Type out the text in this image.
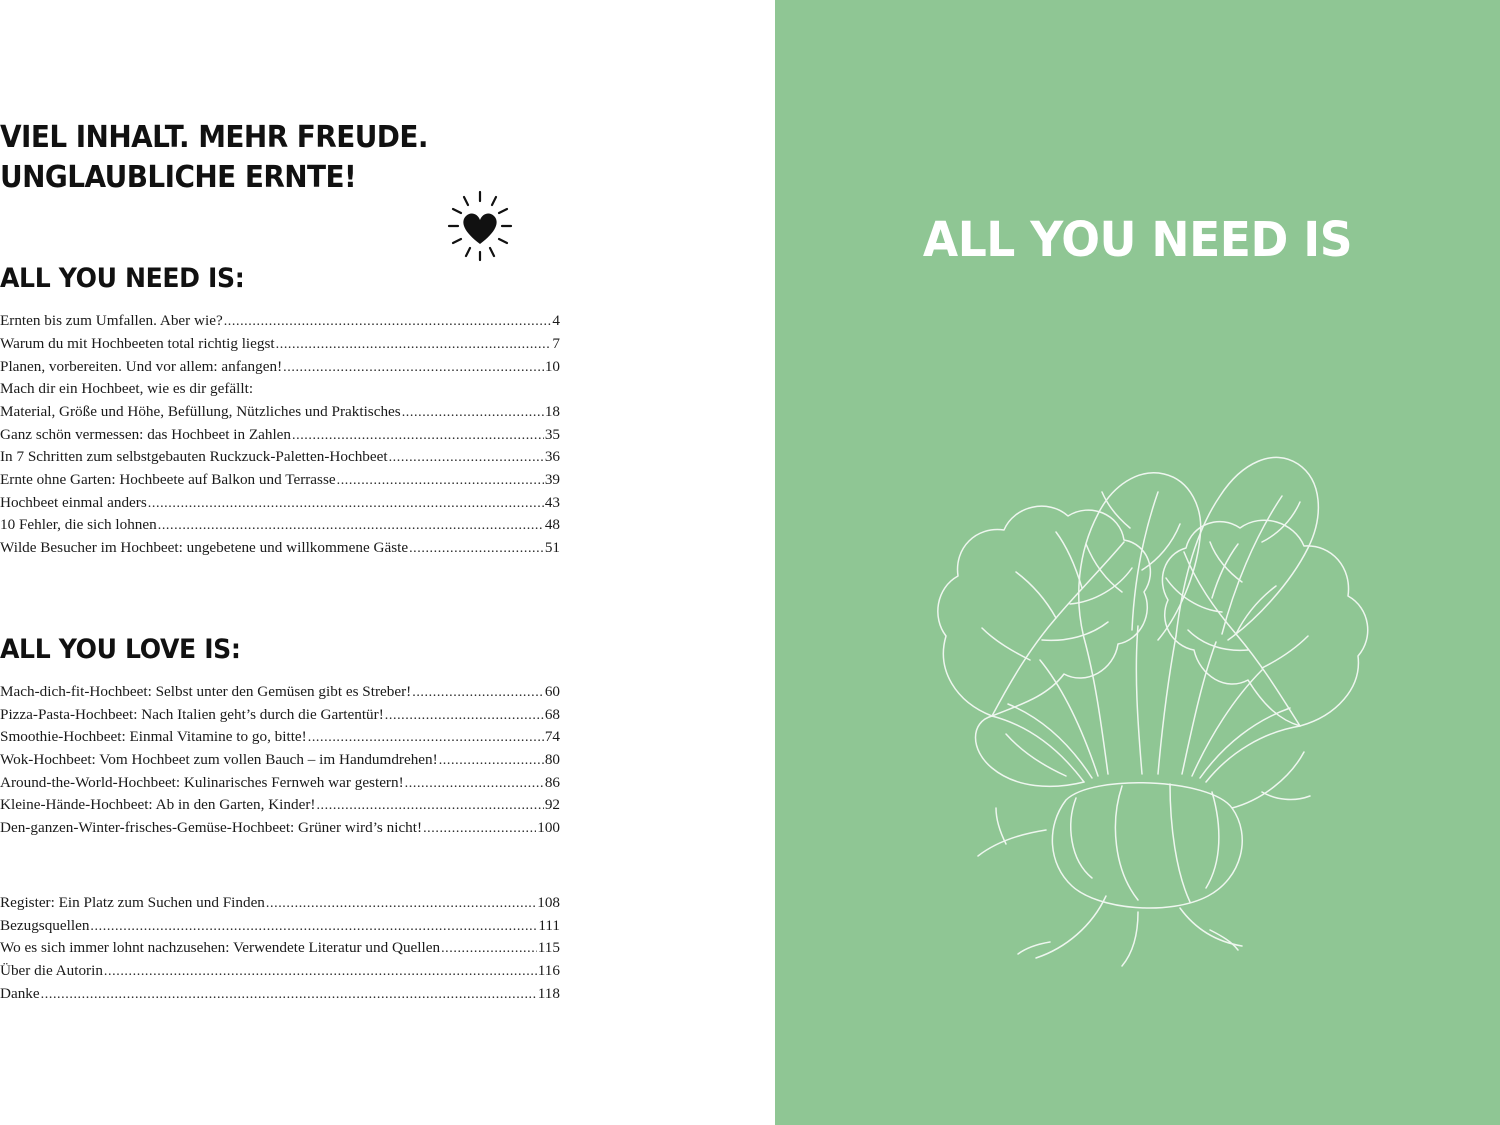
VIEL INHALT. MEHR FREUDE.
UNGLAUBLICHE ERNTE!
ALL YOU NEED IS:
Ernten bis zum Umfallen. Aber wie? .....	4
Warum du mit Hochbeeten total richtig liegst .....	7
Planen, vorbereiten. Und vor allem: anfangen! .....	10
Mach dir ein Hochbeet, wie es dir gefällt:
Material, Größe und Höhe, Befüllung, Nützliches und Praktisches .....	18
Ganz schön vermessen: das Hochbeet in Zahlen .....	35
In 7 Schritten zum selbstgebauten Ruckzuck-Paletten-Hochbeet .....	36
Ernte ohne Garten: Hochbeete auf Balkon und Terrasse .....	39
Hochbeet einmal anders .....	43
10 Fehler, die sich lohnen .....	48
Wilde Besucher im Hochbeet: ungebetene und willkommene Gäste .....	51
ALL YOU LOVE IS:
Mach-dich-fit-Hochbeet: Selbst unter den Gemüsen gibt es Streber! .....	60
Pizza-Pasta-Hochbeet: Nach Italien geht’s durch die Gartentür! .....	68
Smoothie-Hochbeet: Einmal Vitamine to go, bitte! .....	74
Wok-Hochbeet: Vom Hochbeet zum vollen Bauch – im Handumdrehen! .....	80
Around-the-World-Hochbeet: Kulinarisches Fernweh war gestern! .....	86
Kleine-Hände-Hochbeet: Ab in den Garten, Kinder! .....	92
Den-ganzen-Winter-frisches-Gemüse-Hochbeet: Grüner wird’s nicht! .....	100
Register: Ein Platz zum Suchen und Finden .....	108
Bezugsquellen .....	111
Wo es sich immer lohnt nachzusehen: Verwendete Literatur und Quellen .....	115
Über die Autorin .....	116
Danke .....	118
ALL YOU NEED IS
